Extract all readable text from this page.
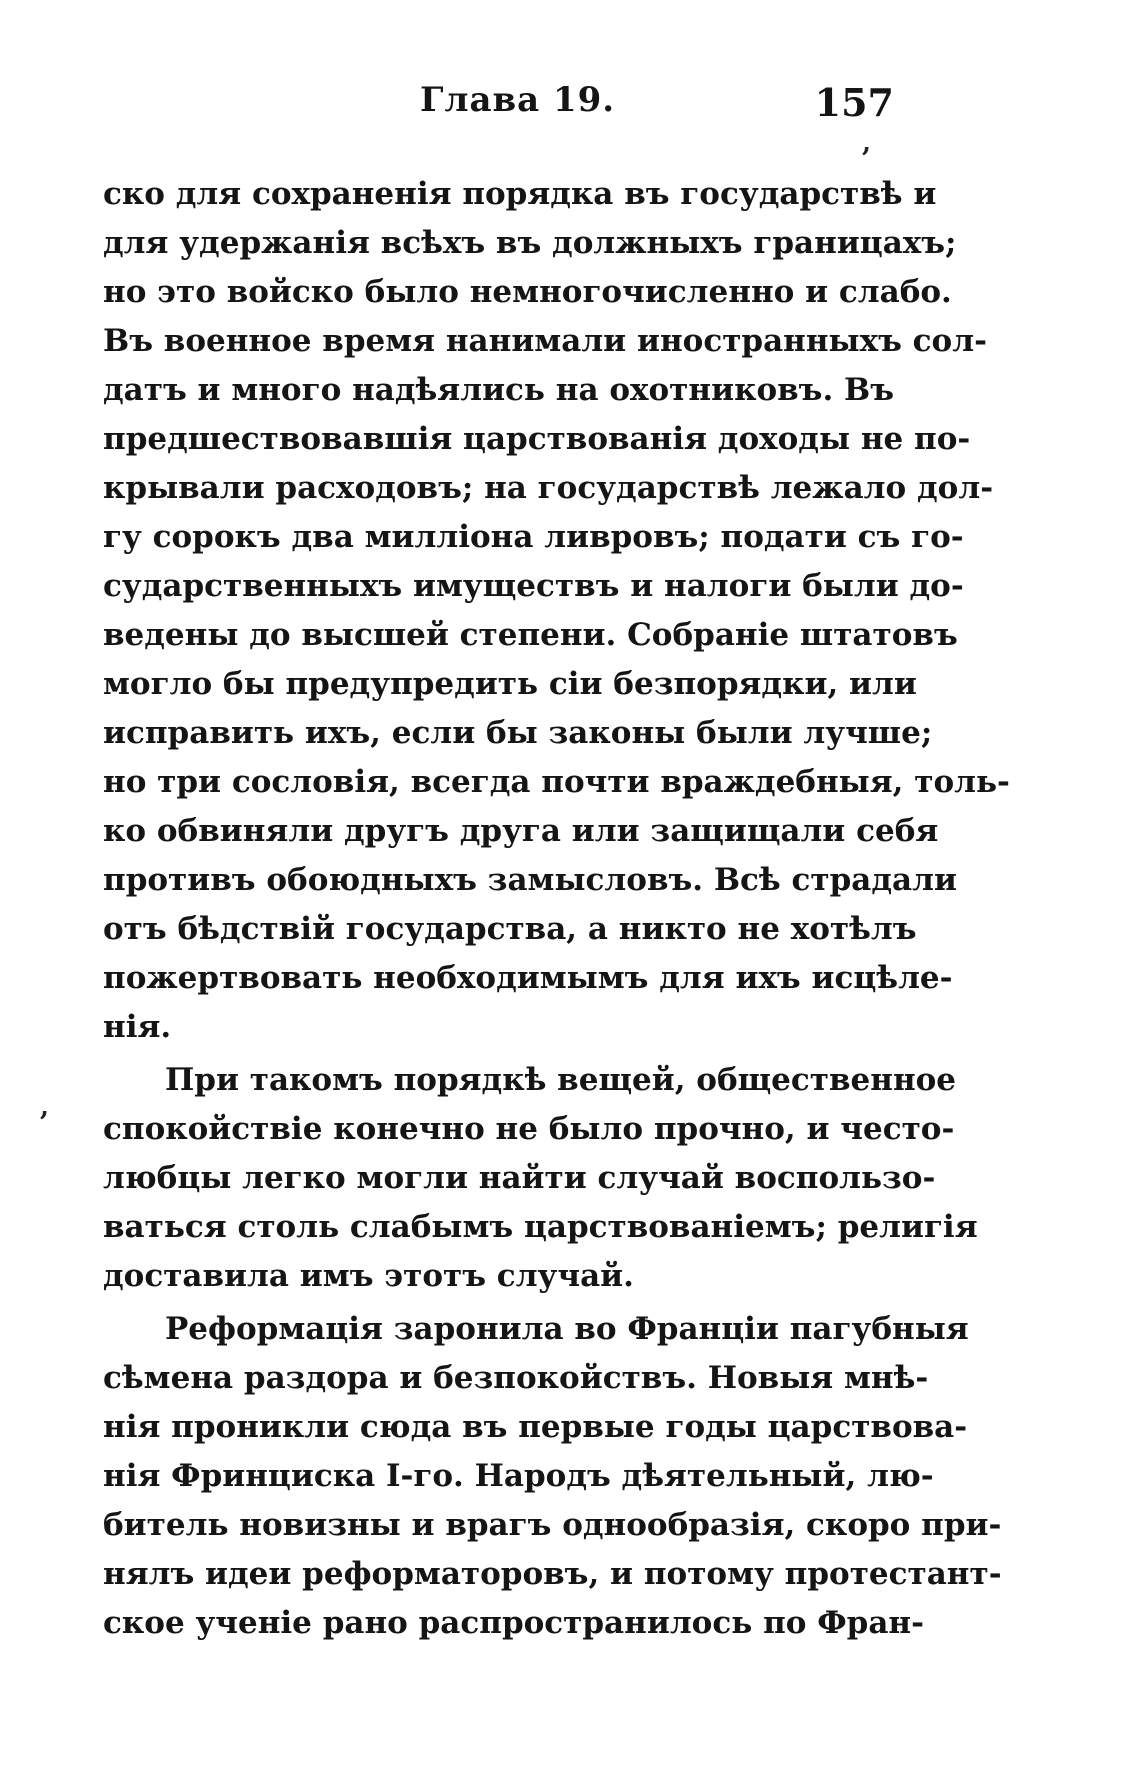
Глава 19.	157
,
,
ско для сохраненія порядка въ государствѣ и
для удержанія всѣхъ въ должныхъ границахъ;
но это войско было немногочисленно и слабо.
Въ военное время нанимали иностранныхъ сол-
датъ и много надѣялись на охотниковъ. Въ
предшествовавшія царствованія доходы не по-
крывали расходовъ; на государствѣ лежало дол-
гу сорокъ два милліона ливровъ; подати съ го-
сударственныхъ имуществъ и налоги были до-
ведены до высшей степени. Собраніе штатовъ
могло бы предупредить сіи безпорядки, или
исправить ихъ, если бы законы были лучше;
но три сословія, всегда почти враждебныя, толь-
ко обвиняли другъ друга или защищали себя
противъ обоюдныхъ замысловъ. Всѣ страдали
отъ бѣдствій государства, а никто не хотѣлъ
пожертвовать необходимымъ для ихъ исцѣле-
нія.
При такомъ порядкѣ вещей, общественное
спокойствіе конечно не было прочно, и често-
любцы легко могли найти случай воспользо-
ваться столь слабымъ царствованіемъ; религія
доставила имъ этотъ случай.
Реформація заронила во Франціи пагубныя
сѣмена раздора и безпокойствъ. Новыя мнѣ-
нія проникли сюда въ первые годы царствова-
нія Фринциска I-го. Народъ дѣятельный, лю-
битель новизны и врагъ однообразія, скоро при-
нялъ идеи реформаторовъ, и потому протестант-
ское ученіе рано распространилось по Фран-
